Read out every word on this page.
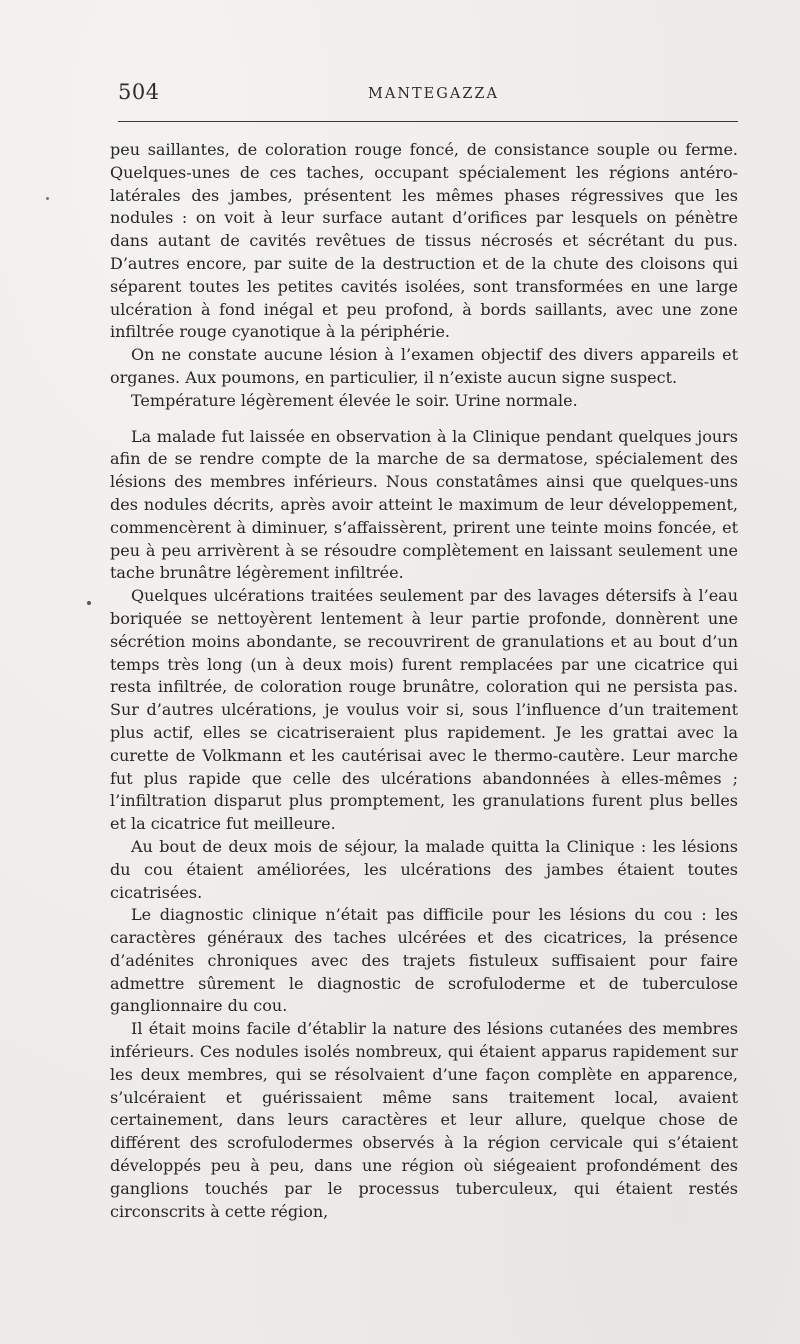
504	MANTEGAZZA

peu saillantes, de coloration rouge foncé, de consistance souple ou ferme. Quelques-unes de ces taches, occupant spécialement les régions antéro-latérales des jambes, présentent les mêmes phases régressives que les nodules : on voit à leur surface autant d’orifices par lesquels on pénètre dans autant de cavités revêtues de tissus nécrosés et sécrétant du pus. D’autres encore, par suite de la destruction et de la chute des cloisons qui séparent toutes les petites cavités isolées, sont transformées en une large ulcération à fond inégal et peu profond, à bords saillants, avec une zone infiltrée rouge cyanotique à la périphérie.

On ne constate aucune lésion à l’examen objectif des divers appareils et organes. Aux poumons, en particulier, il n’existe aucun signe suspect.

Température légèrement élevée le soir. Urine normale.

La malade fut laissée en observation à la Clinique pendant quelques jours afin de se rendre compte de la marche de sa dermatose, spécialement des lésions des membres inférieurs. Nous constatâmes ainsi que quelques-uns des nodules décrits, après avoir atteint le maximum de leur développement, commencèrent à diminuer, s’affaissèrent, prirent une teinte moins foncée, et peu à peu arrivèrent à se résoudre complètement en laissant seulement une tache brunâtre légèrement infiltrée.

Quelques ulcérations traitées seulement par des lavages détersifs à l’eau boriquée se nettoyèrent lentement à leur partie profonde, donnèrent une sécrétion moins abondante, se recouvrirent de granulations et au bout d’un temps très long (un à deux mois) furent remplacées par une cicatrice qui resta infiltrée, de coloration rouge brunâtre, coloration qui ne persista pas. Sur d’autres ulcérations, je voulus voir si, sous l’influence d’un traitement plus actif, elles se cicatriseraient plus rapidement. Je les grattai avec la curette de Volkmann et les cautérisai avec le thermo-cautère. Leur marche fut plus rapide que celle des ulcérations abandonnées à elles-mêmes ; l’infiltration disparut plus promptement, les granulations furent plus belles et la cicatrice fut meilleure.

Au bout de deux mois de séjour, la malade quitta la Clinique : les lésions du cou étaient améliorées, les ulcérations des jambes étaient toutes cicatrisées.

Le diagnostic clinique n’était pas difficile pour les lésions du cou : les caractères généraux des taches ulcérées et des cicatrices, la présence d’adénites chroniques avec des trajets fistuleux suffisaient pour faire admettre sûrement le diagnostic de scrofuloderme et de tuberculose ganglionnaire du cou.

Il était moins facile d’établir la nature des lésions cutanées des membres inférieurs. Ces nodules isolés nombreux, qui étaient apparus rapidement sur les deux membres, qui se résolvaient d’une façon complète en apparence, s’ulcéraient et guérissaient même sans traitement local, avaient certainement, dans leurs caractères et leur allure, quelque chose de différent des scrofulodermes observés à la région cervicale qui s’étaient développés peu à peu, dans une région où siégeaient profondément des ganglions touchés par le processus tuberculeux, qui étaient restés circonscrits à cette région,
